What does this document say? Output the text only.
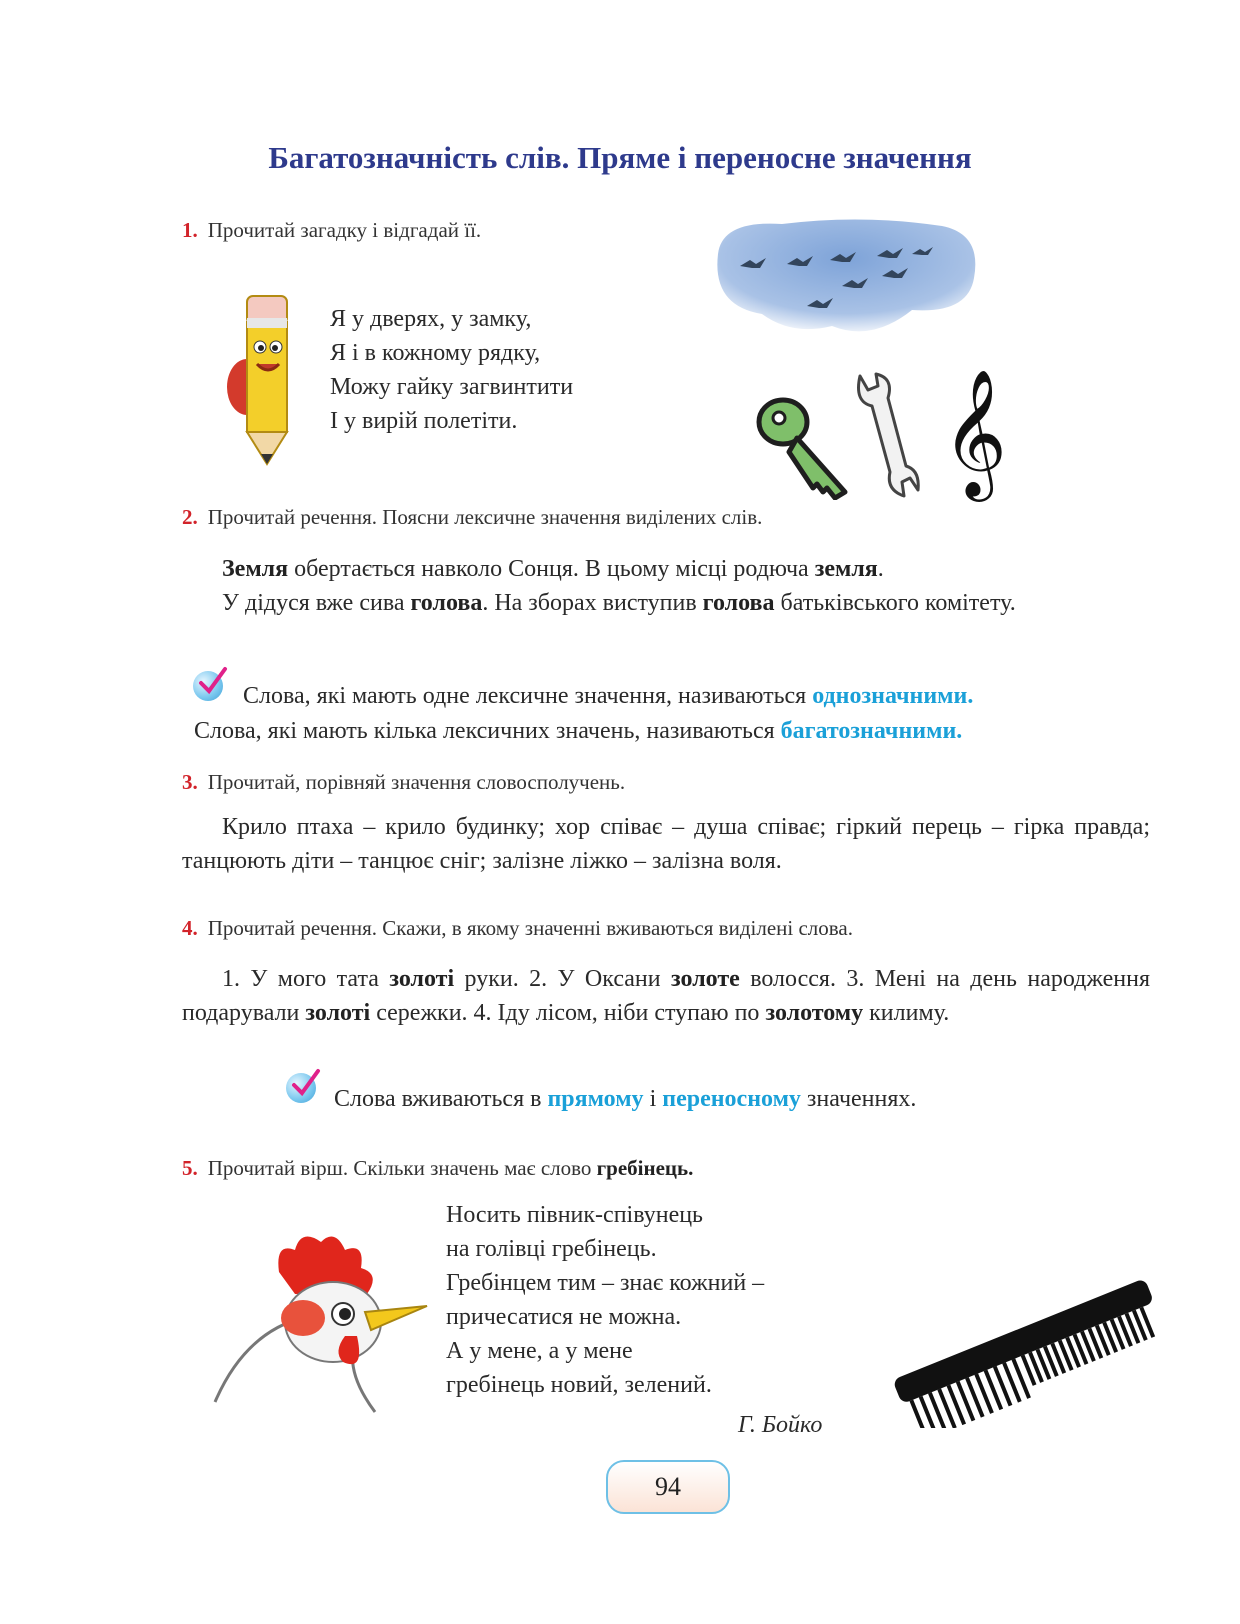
Багатозначність слів. Пряме і переносне значення
1. Прочитай загадку і відгадай її.
Я у дверях, у замку,
Я і в кожному рядку,
Можу гайку загвинтити
І у вирій полетіти.	𝄞
2. Прочитай речення. Поясни лексичне значення виділених слів.
Земля обертається навколо Сонця. В цьому місці родюча земля.
У дідуся вже сива голова. На зборах виступив голова батьківського комітету.
Слова, які мають одне лексичне значення, називаються однозначними.
Слова, які мають кілька лексичних значень, називаються багатозначними.
3. Прочитай, порівняй значення словосполучень.
Крило птаха – крило будинку; хор співає – душа співає; гіркий перець – гірка правда; танцюють діти – танцює сніг; залізне ліжко – залізна воля.
4. Прочитай речення. Скажи, в якому значенні вживаються виділені слова.
1. У мого тата золоті руки. 2. У Оксани золоте волосся. 3. Мені на день народження подарували золоті сережки. 4. Іду лісом, ніби ступаю по золотому килиму.
Слова вживаються в прямому і переносному значеннях.
5. Прочитай вірш. Скільки значень має слово гребінець.
Носить півник-співунець
на голівці гребінець.
Гребінцем тим – знає кожний –
причесатися не можна.
А у мене, а у мене
гребінець новий, зелений.
Г. Бойко
94
